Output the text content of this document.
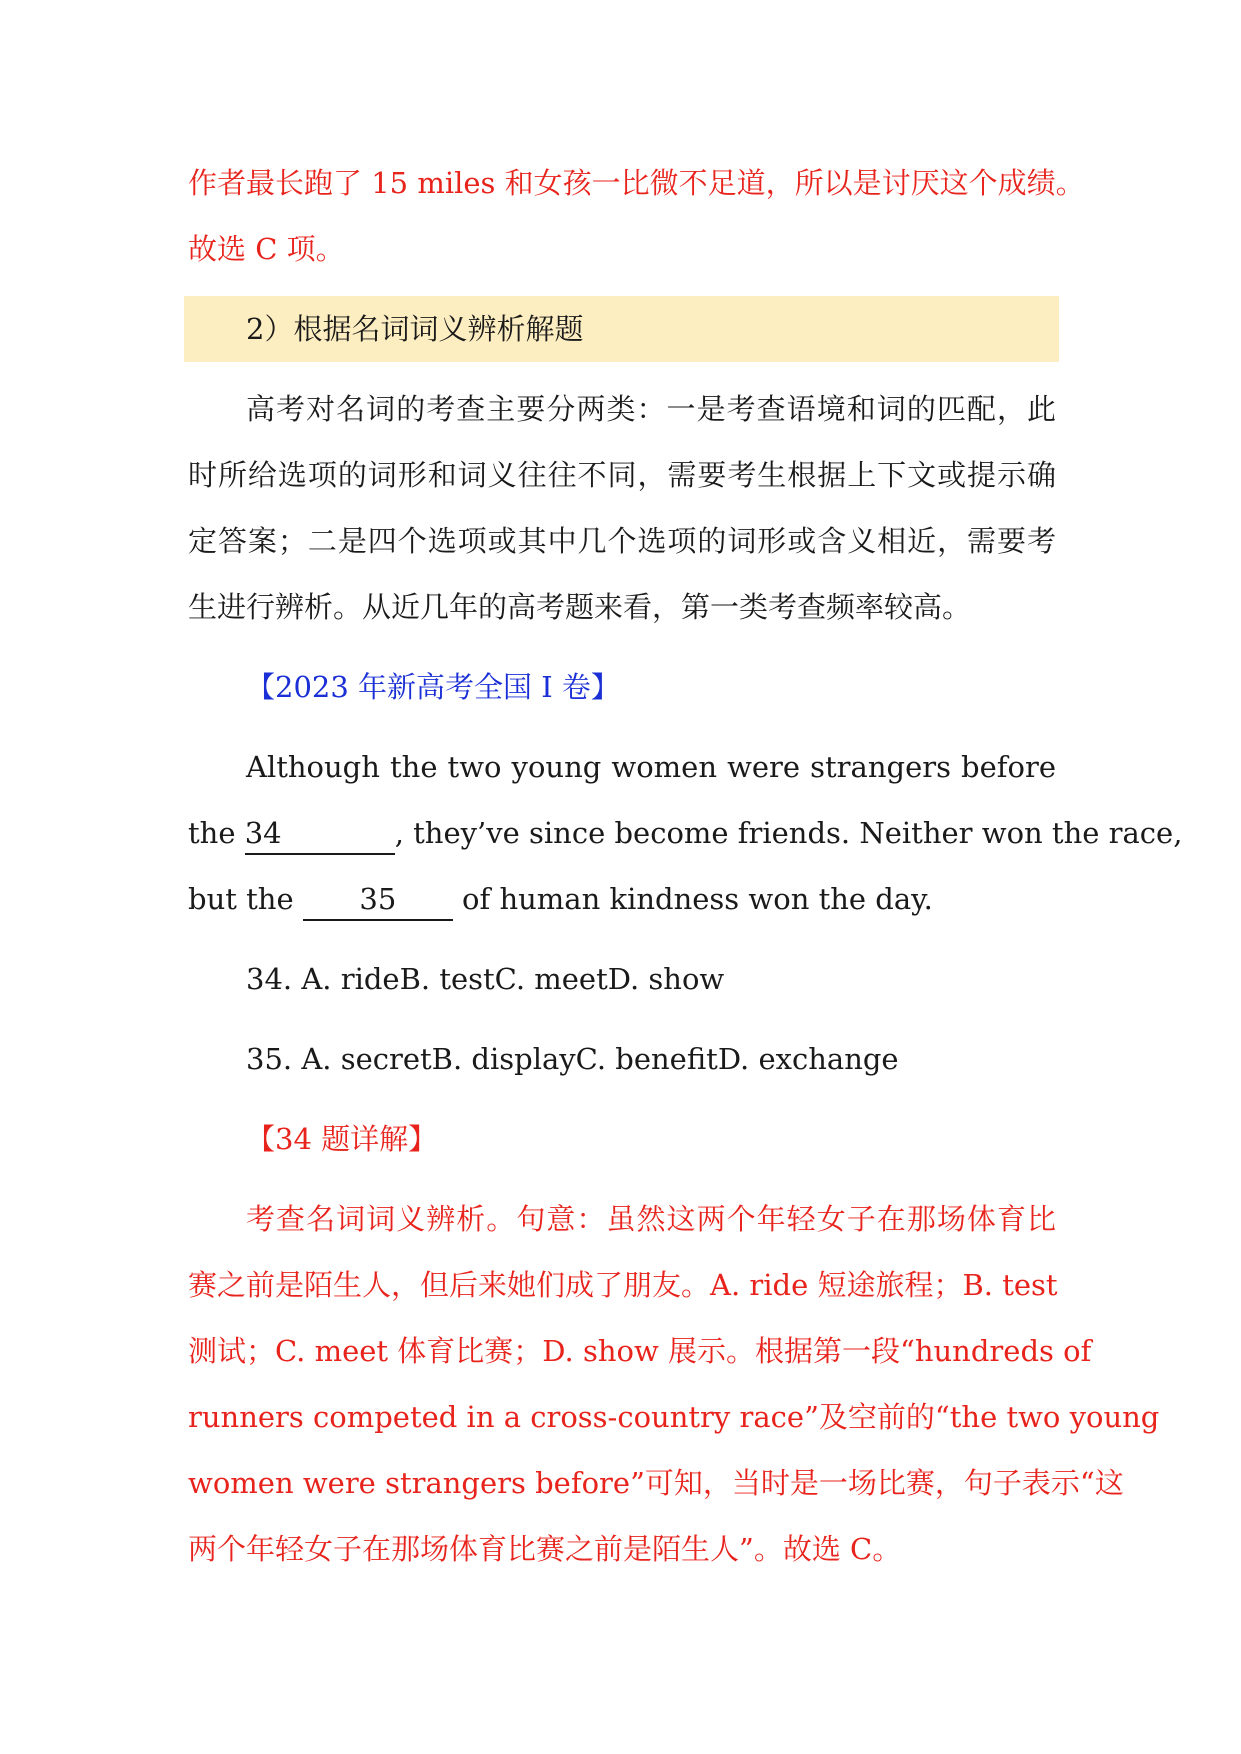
作者最长跑了 15 miles 和女孩一比微不足道，所以是讨厌这个成绩。
故选 C 项。
2）根据名词词义辨析解题
高考对名词的考查主要分两类：一是考查语境和词的匹配，此
时所给选项的词形和词义往往不同，需要考生根据上下文或提示确
定答案；二是四个选项或其中几个选项的词形或含义相近，需要考
生进行辨析。从近几年的高考题来看，第一类考查频率较高。
【2023 年新高考全国 I 卷】
Although the two young women were strangers before
the 34	, they’ve since become friends. Neither won the race,
but the 35 of human kindness won the day.
34. A. rideB. testC. meetD. show
35. A. secretB. displayC. benefitD. exchange
【34 题详解】
考查名词词义辨析。句意：虽然这两个年轻女子在那场体育比
赛之前是陌生人，但后来她们成了朋友。A. ride 短途旅程；B. test
测试；C. meet 体育比赛；D. show 展示。根据第一段“hundreds of
runners competed in a cross-country race”及空前的“the two young
women were strangers before”可知，当时是一场比赛，句子表示“这
两个年轻女子在那场体育比赛之前是陌生人”。故选 C。
